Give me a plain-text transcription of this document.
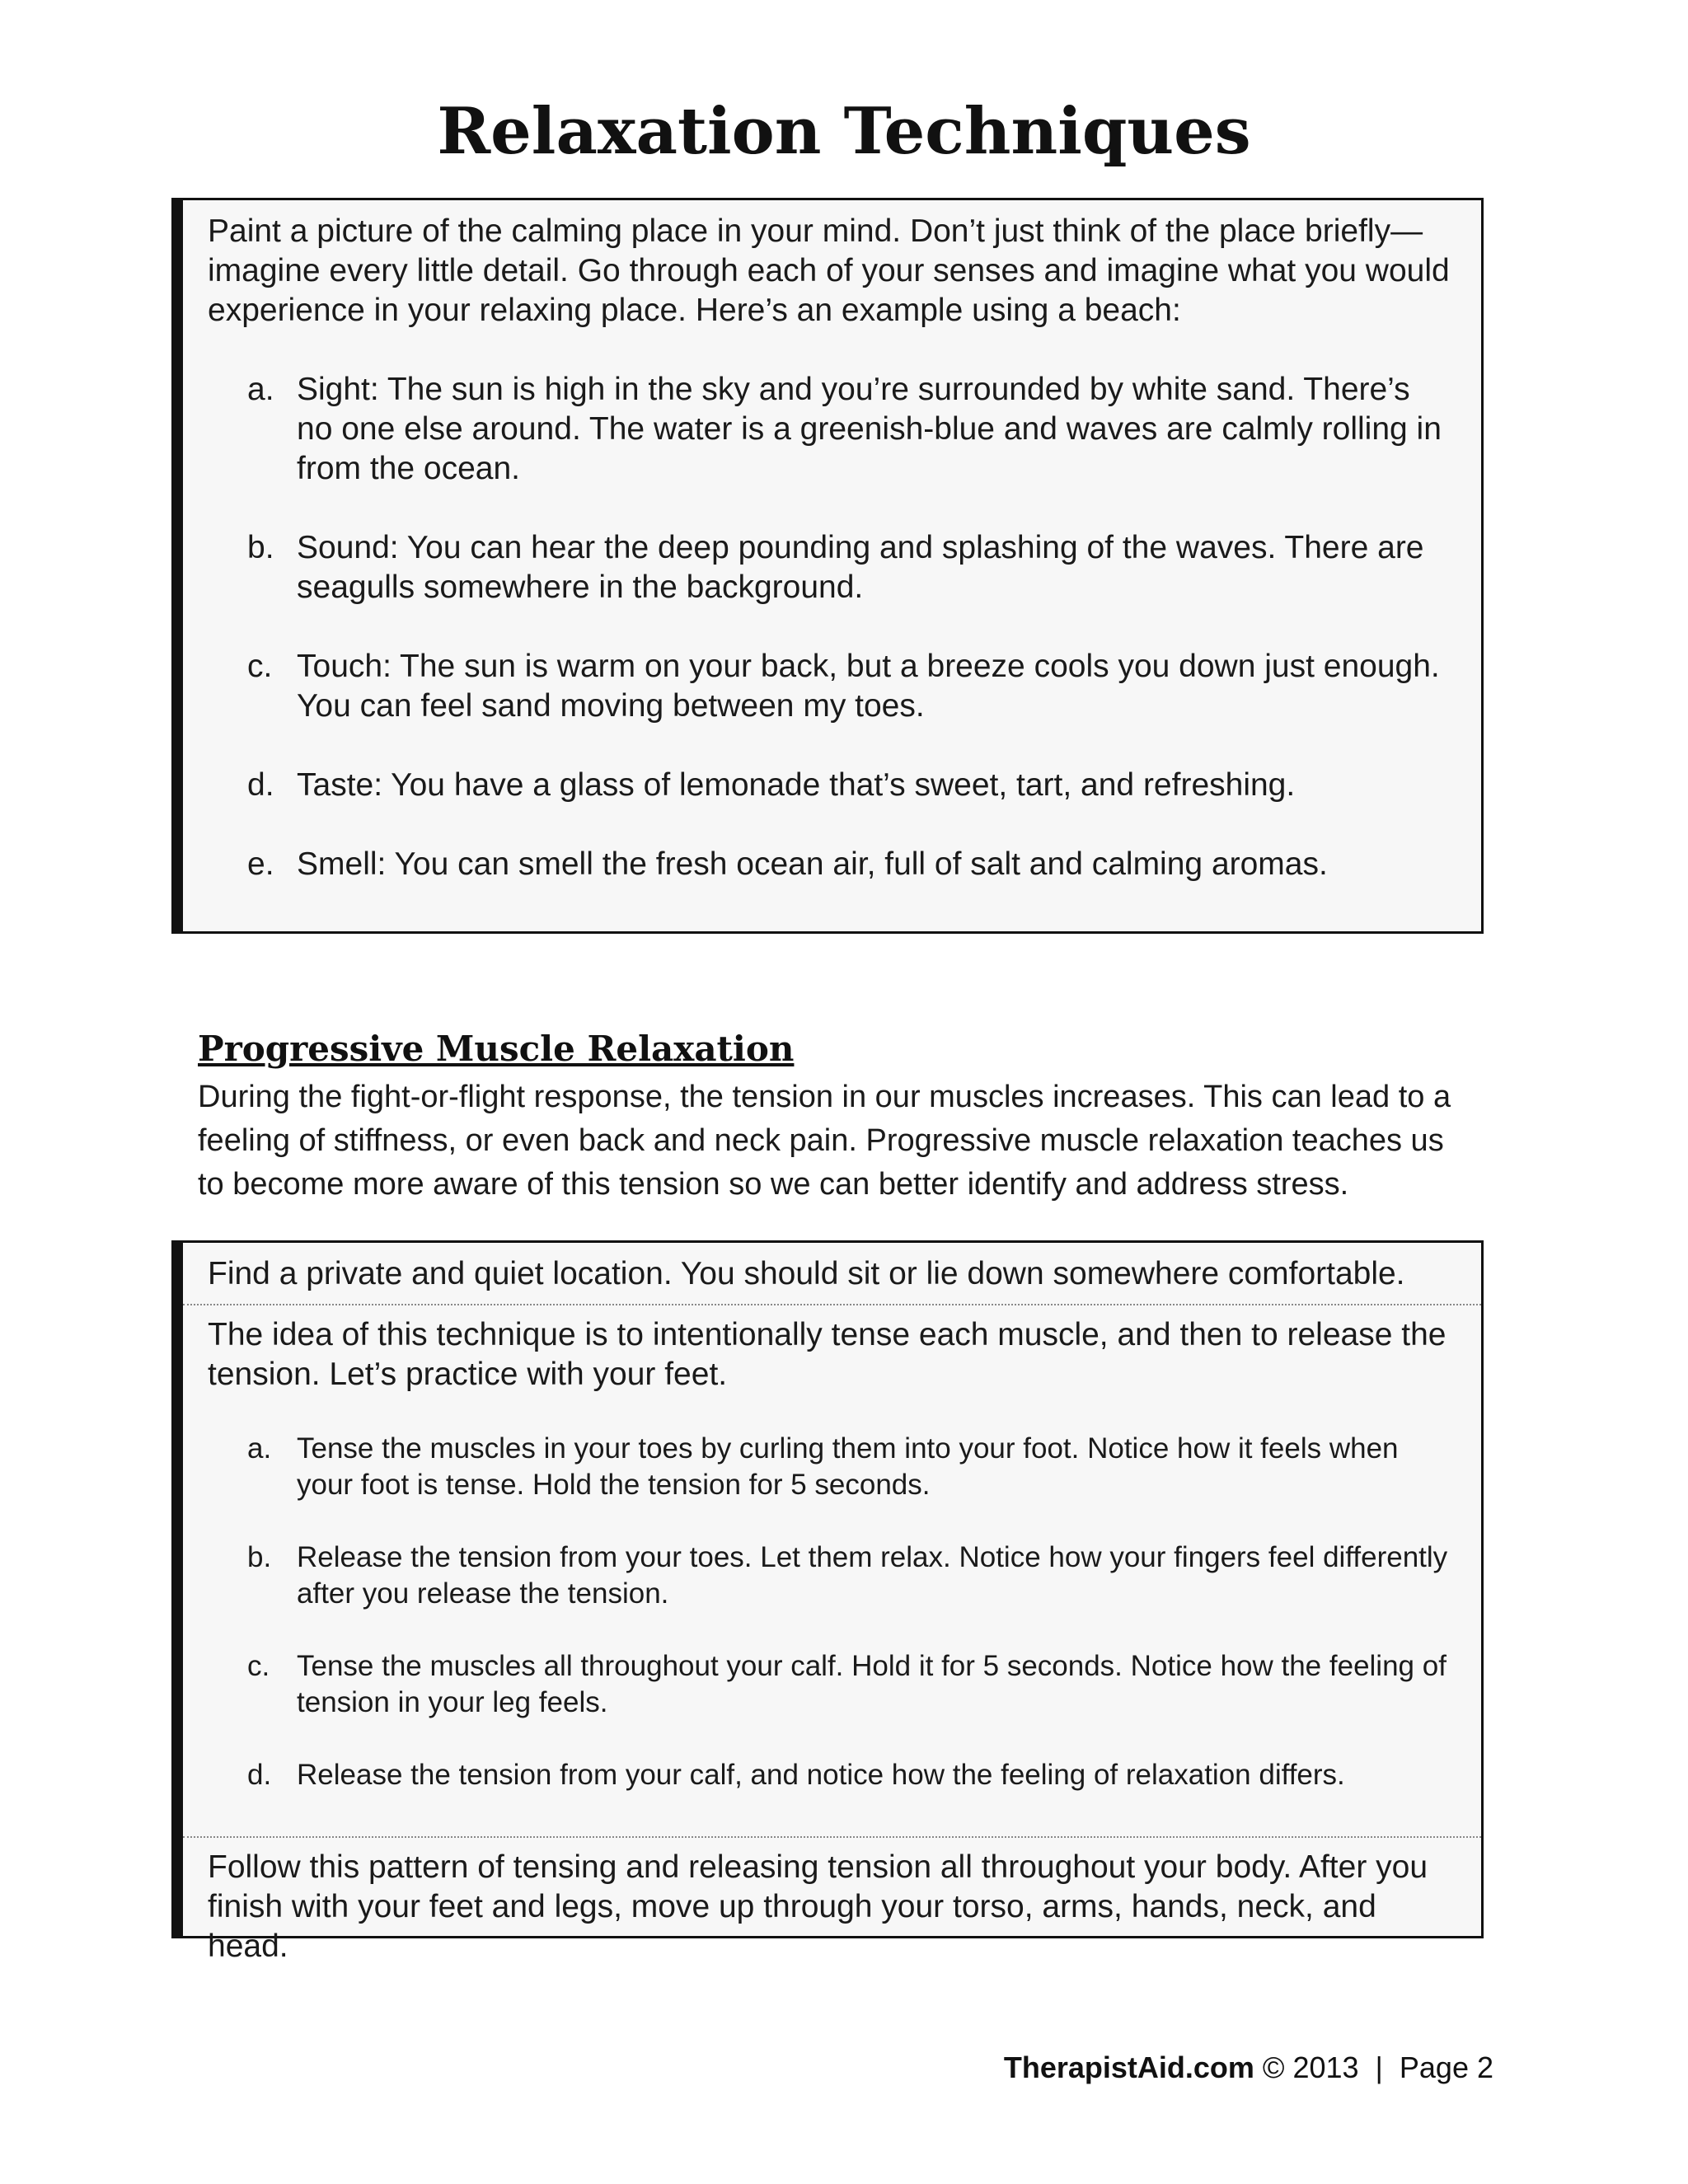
Relaxation Techniques

Paint a picture of the calming place in your mind. Don’t just think of the place briefly—imagine every little detail. Go through each of your senses and imagine what you would experience in your relaxing place. Here’s an example using a beach:

a. Sight: The sun is high in the sky and you’re surrounded by white sand. There’s no one else around. The water is a greenish-blue and waves are calmly rolling in from the ocean.
b. Sound: You can hear the deep pounding and splashing of the waves. There are seagulls somewhere in the background.
c. Touch: The sun is warm on your back, but a breeze cools you down just enough. You can feel sand moving between my toes.
d. Taste: You have a glass of lemonade that’s sweet, tart, and refreshing.
e. Smell: You can smell the fresh ocean air, full of salt and calming aromas.
Progressive Muscle Relaxation

During the fight-or-flight response, the tension in our muscles increases. This can lead to a feeling of stiffness, or even back and neck pain. Progressive muscle relaxation teaches us to become more aware of this tension so we can better identify and address stress.

Find a private and quiet location. You should sit or lie down somewhere comfortable.

The idea of this technique is to intentionally tense each muscle, and then to release the tension. Let’s practice with your feet.

a. Tense the muscles in your toes by curling them into your foot. Notice how it feels when your foot is tense. Hold the tension for 5 seconds.
b. Release the tension from your toes. Let them relax. Notice how your fingers feel differently after you release the tension.
c. Tense the muscles all throughout your calf. Hold it for 5 seconds. Notice how the feeling of tension in your leg feels.
d. Release the tension from your calf, and notice how the feeling of relaxation differs.
Follow this pattern of tensing and releasing tension all throughout your body. After you finish with your feet and legs, move up through your torso, arms, hands, neck, and head.
TherapistAid.com © 2013  |  Page 2
